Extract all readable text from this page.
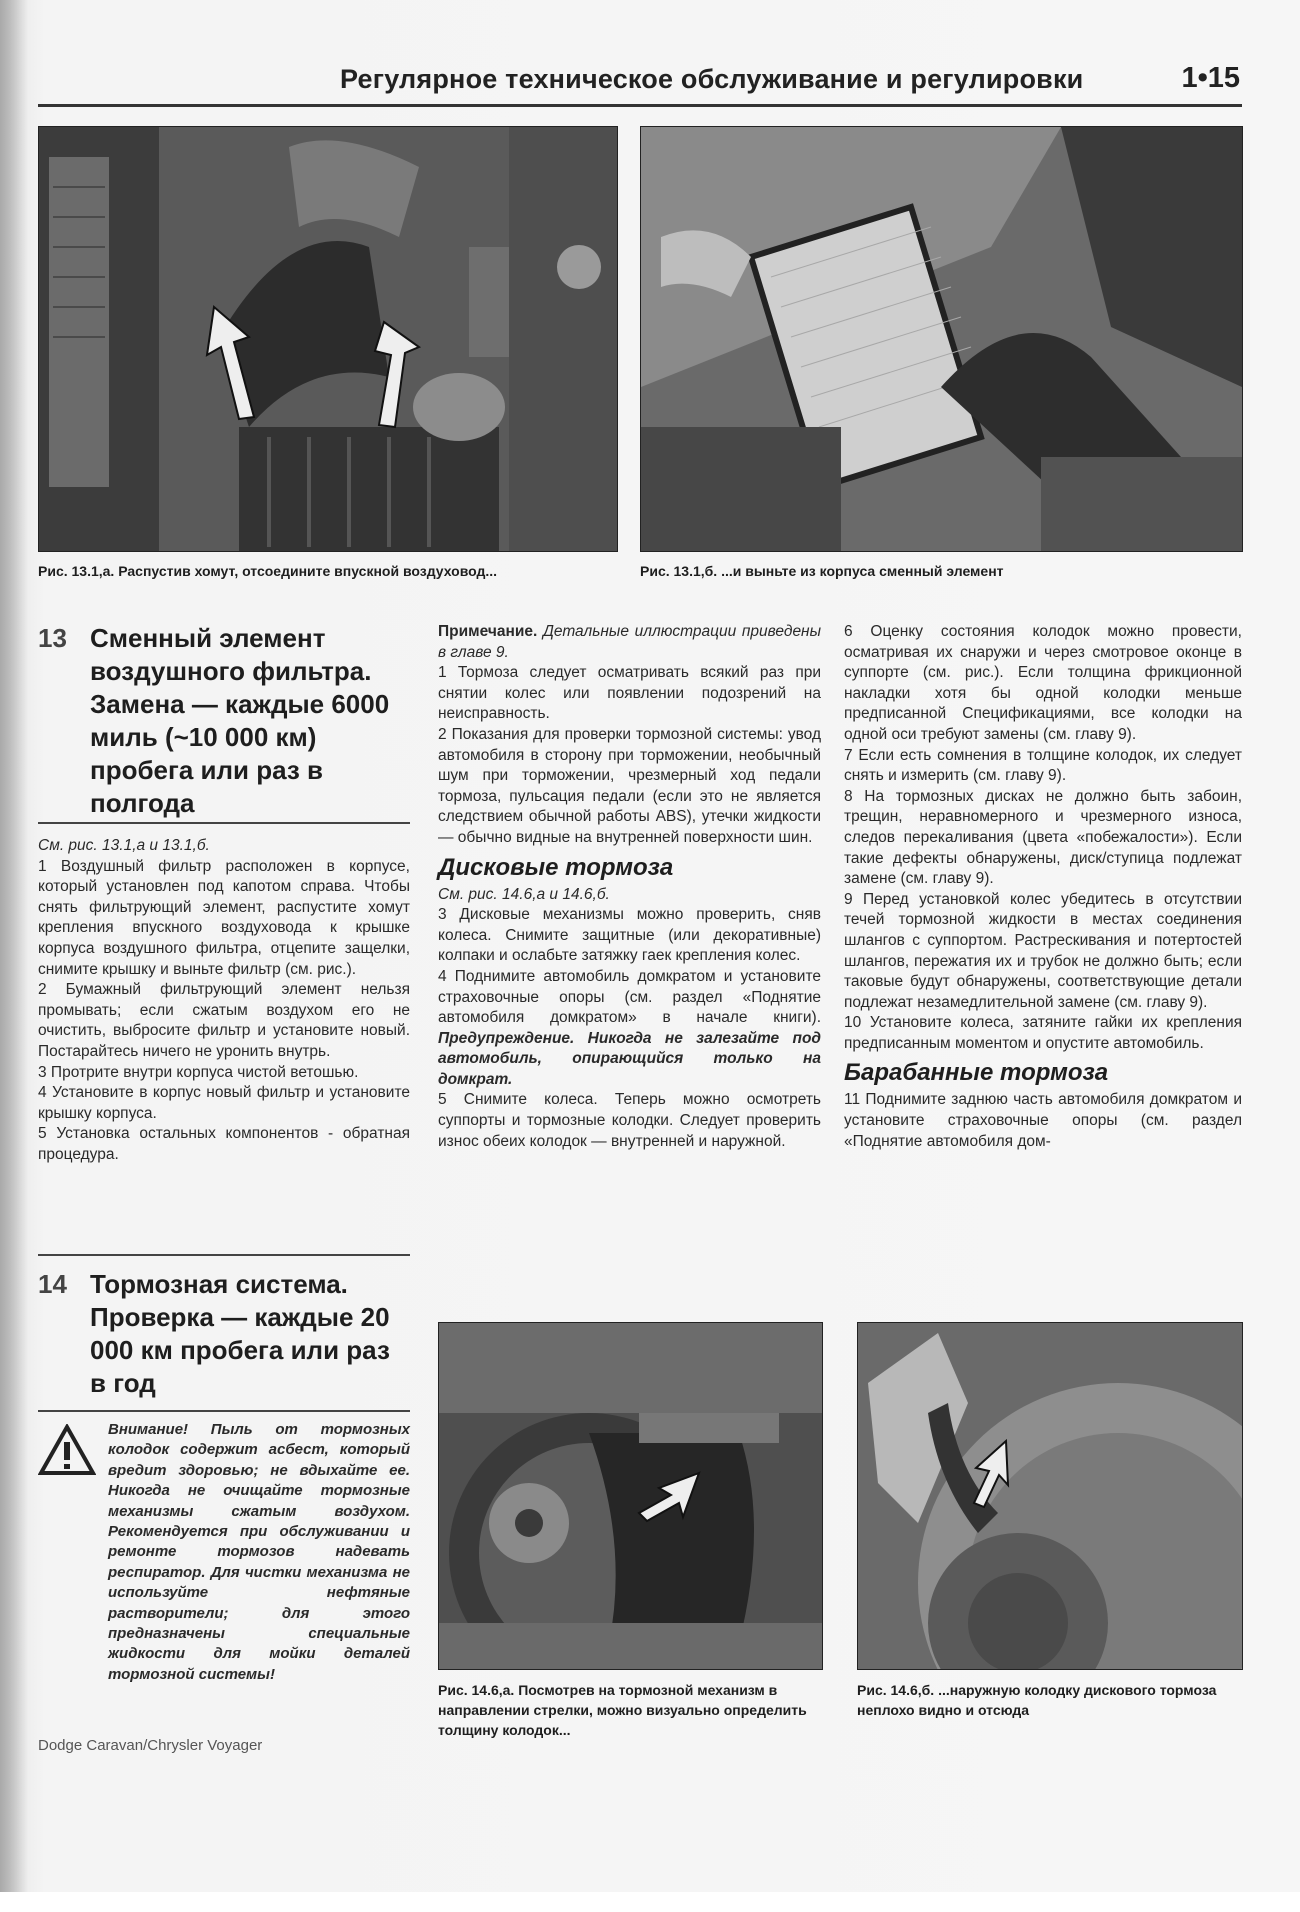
Регулярное техническое обслуживание и регулировки	1•15
Рис. 13.1,а. Распустив хомут, отсоедините впускной воздуховод...	Рис. 13.1,б. ...и выньте из корпуса сменный элемент
13 Сменный элемент воздушного фильтра. Замена — каждые 6000 миль (~10 000 км) пробега или раз в полгода

См. рис. 13.1,а и 13.1,б.

1 Воздушный фильтр расположен в корпусе, который установлен под капотом справа. Чтобы снять фильтрующий элемент, распустите хомут крепления впускного воздуховода к крышке корпуса воздушного фильтра, отцепите защелки, снимите крышку и выньте фильтр (см. рис.).

2 Бумажный фильтрующий элемент нельзя промывать; если сжатым воздухом его не очистить, выбросите фильтр и установите новый. Постарайтесь ничего не уронить внутрь.

3 Протрите внутри корпуса чистой ветошью.

4 Установите в корпус новый фильтр и установите крышку корпуса.

5 Установка остальных компонентов - обратная процедура.

14 Тормозная система. Проверка — каждые 20 000 км пробега или раз в год
Внимание! Пыль от тормозных колодок содержит асбест, который вредит здоровью; не вдыхайте ее. Никогда не очищайте тормозные механизмы сжатым воздухом. Рекомендуется при обслуживании и ремонте тормозов надевать респиратор. Для чистки механизма не используйте нефтяные растворители; для этого предназначены специальные жидкости для мойки деталей тормозной системы!

Примечание. Детальные иллюстрации приведены в главе 9.

1 Тормоза следует осматривать всякий раз при снятии колес или появлении подозрений на неисправность.

2 Показания для проверки тормозной системы: увод автомобиля в сторону при торможении, необычный шум при торможении, чрезмерный ход педали тормоза, пульсация педали (если это не является следствием обычной работы ABS), утечки жидкости — обычно видные на внутренней поверхности шин.

Дисковые тормоза

См. рис. 14.6,а и 14.6,б.

3 Дисковые механизмы можно проверить, сняв колеса. Снимите защитные (или декоративные) колпаки и ослабьте затяжку гаек крепления колес.

4 Поднимите автомобиль домкратом и установите страховочные опоры (см. раздел «Поднятие автомобиля домкратом» в начале книги). Предупреждение. Никогда не залезайте под автомобиль, опирающийся только на домкрат.

5 Снимите колеса. Теперь можно осмотреть суппорты и тормозные колодки. Следует проверить износ обеих колодок — внутренней и наружной.

6 Оценку состояния колодок можно провести, осматривая их снаружи и через смотровое оконце в суппорте (см. рис.). Если толщина фрикционной накладки хотя бы одной колодки меньше предписанной Спецификациями, все колодки на одной оси требуют замены (см. главу 9).

7 Если есть сомнения в толщине колодок, их следует снять и измерить (см. главу 9).

8 На тормозных дисках не должно быть забоин, трещин, неравномерного и чрезмерного износа, следов перекаливания (цвета «побежалости»). Если такие дефекты обнаружены, диск/ступица подлежат замене (см. главу 9).

9 Перед установкой колес убедитесь в отсутствии течей тормозной жидкости в местах соединения шлангов с суппортом. Растрескивания и потертостей шлангов, пережатия их и трубок не должно быть; если таковые будут обнаружены, соответствующие детали подлежат незамедлительной замене (см. главу 9).

10 Установите колеса, затяните гайки их крепления предписанным моментом и опустите автомобиль.

Барабанные тормоза

11 Поднимите заднюю часть автомобиля домкратом и установите страховочные опоры (см. раздел «Поднятие автомобиля дом-

Рис. 14.6,а. Посмотрев на тормозной механизм в направлении стрелки, можно визуально определить толщину колодок...
Рис. 14.6,б. ...наружную колодку дискового тормоза неплохо видно и отсюда
Dodge Caravan/Chrysler Voyager
